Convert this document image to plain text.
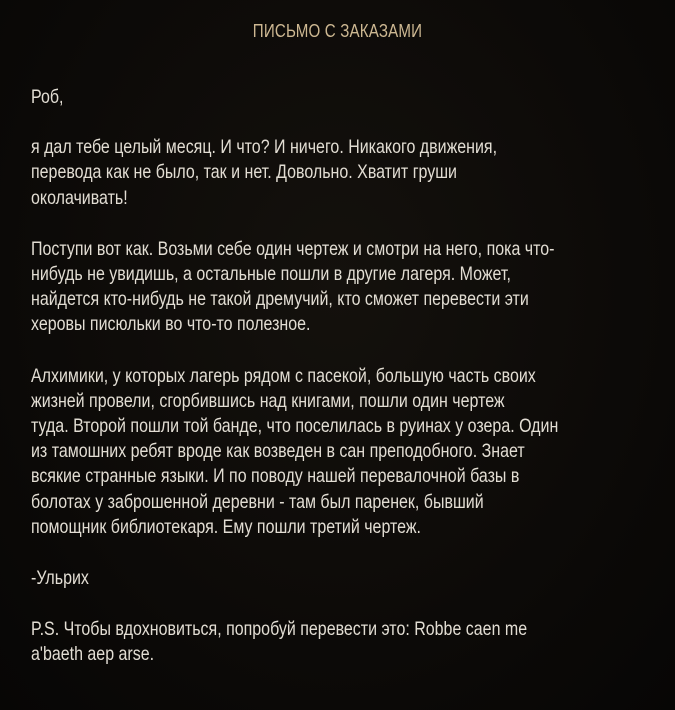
ПИСЬМО С ЗАКАЗАМИ
Роб,
я дал тебе целый месяц. И что? И ничего. Никакого движения,
перевода как не было, так и нет. Довольно. Хватит груши
околачивать!
Поступи вот как. Возьми себе один чертеж и смотри на него, пока что-
нибудь не увидишь, а остальные пошли в другие лагеря. Может,
найдется кто-нибудь не такой дремучий, кто сможет перевести эти
херовы писюльки во что-то полезное.
Алхимики, у которых лагерь рядом с пасекой, большую часть своих
жизней провели, сгорбившись над книгами, пошли один чертеж
туда. Второй пошли той банде, что поселилась в руинах у озера. Один
из тамошних ребят вроде как возведен в сан преподобного. Знает
всякие странные языки. И по поводу нашей перевалочной базы в
болотах у заброшенной деревни - там был паренек, бывший
помощник библиотекаря. Ему пошли третий чертеж.
-Ульрих
P.S. Чтобы вдохновиться, попробуй перевести это: Robbe caen me
a'baeth aep arse.
